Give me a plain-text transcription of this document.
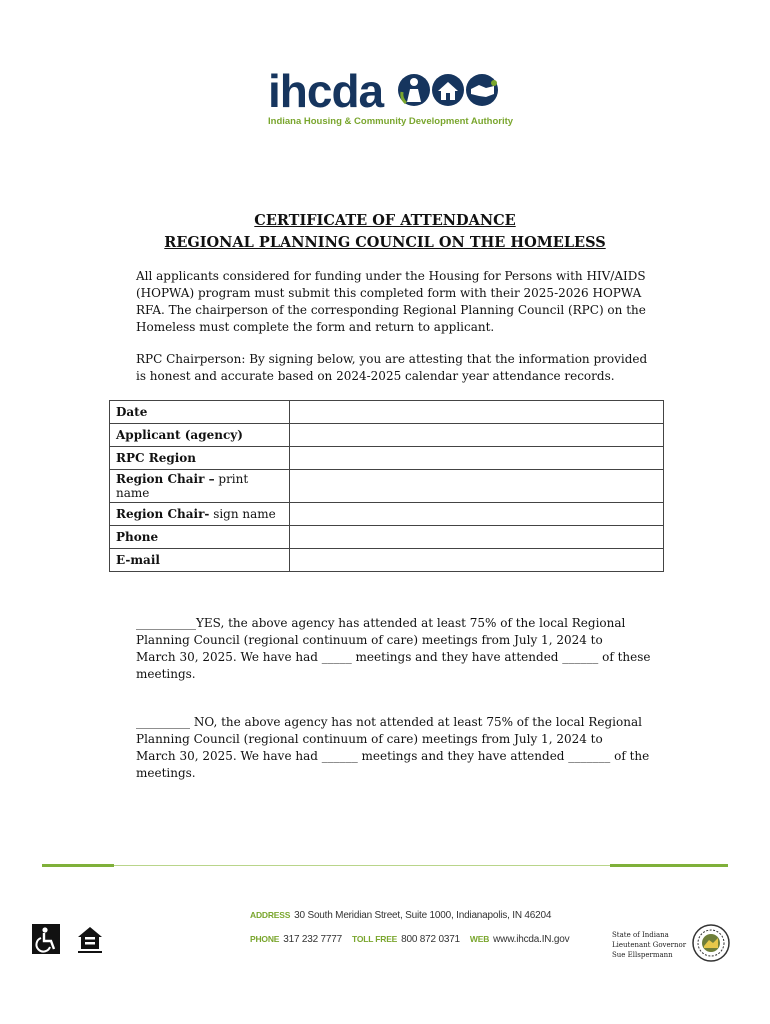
ihcda
Indiana Housing & Community Development Authority
CERTIFICATE OF ATTENDANCE
REGIONAL PLANNING COUNCIL ON THE HOMELESS
All applicants considered for funding under the Housing for Persons with HIV/AIDS
(HOPWA) program must submit this completed form with their 2025-2026 HOPWA
RFA. The chairperson of the corresponding Regional Planning Council (RPC) on the
Homeless must complete the form and return to applicant.
RPC Chairperson: By signing below, you are attesting that the information provided
is honest and accurate based on 2024-2025 calendar year attendance records.
Date	
Applicant (agency)	
RPC Region	
Region Chair – print name	
Region Chair- sign name	
Phone	
E-mail	
__________YES, the above agency has attended at least 75% of the local Regional
Planning Council (regional continuum of care) meetings from July 1, 2024 to
March 30, 2025. We have had _____ meetings and they have attended ______ of these
meetings.
_________ NO, the above agency has not attended at least 75% of the local Regional
Planning Council (regional continuum of care) meetings from July 1, 2024 to
March 30, 2025. We have had ______ meetings and they have attended _______ of the
meetings.
ADDRESS 30 South Meridian Street, Suite 1000, Indianapolis, IN 46204
PHONE 317 232 7777 TOLL FREE 800 872 0371 WEB www.ihcda.IN.gov	State of Indiana
Lieutenant Governor
Sue Ellspermann
